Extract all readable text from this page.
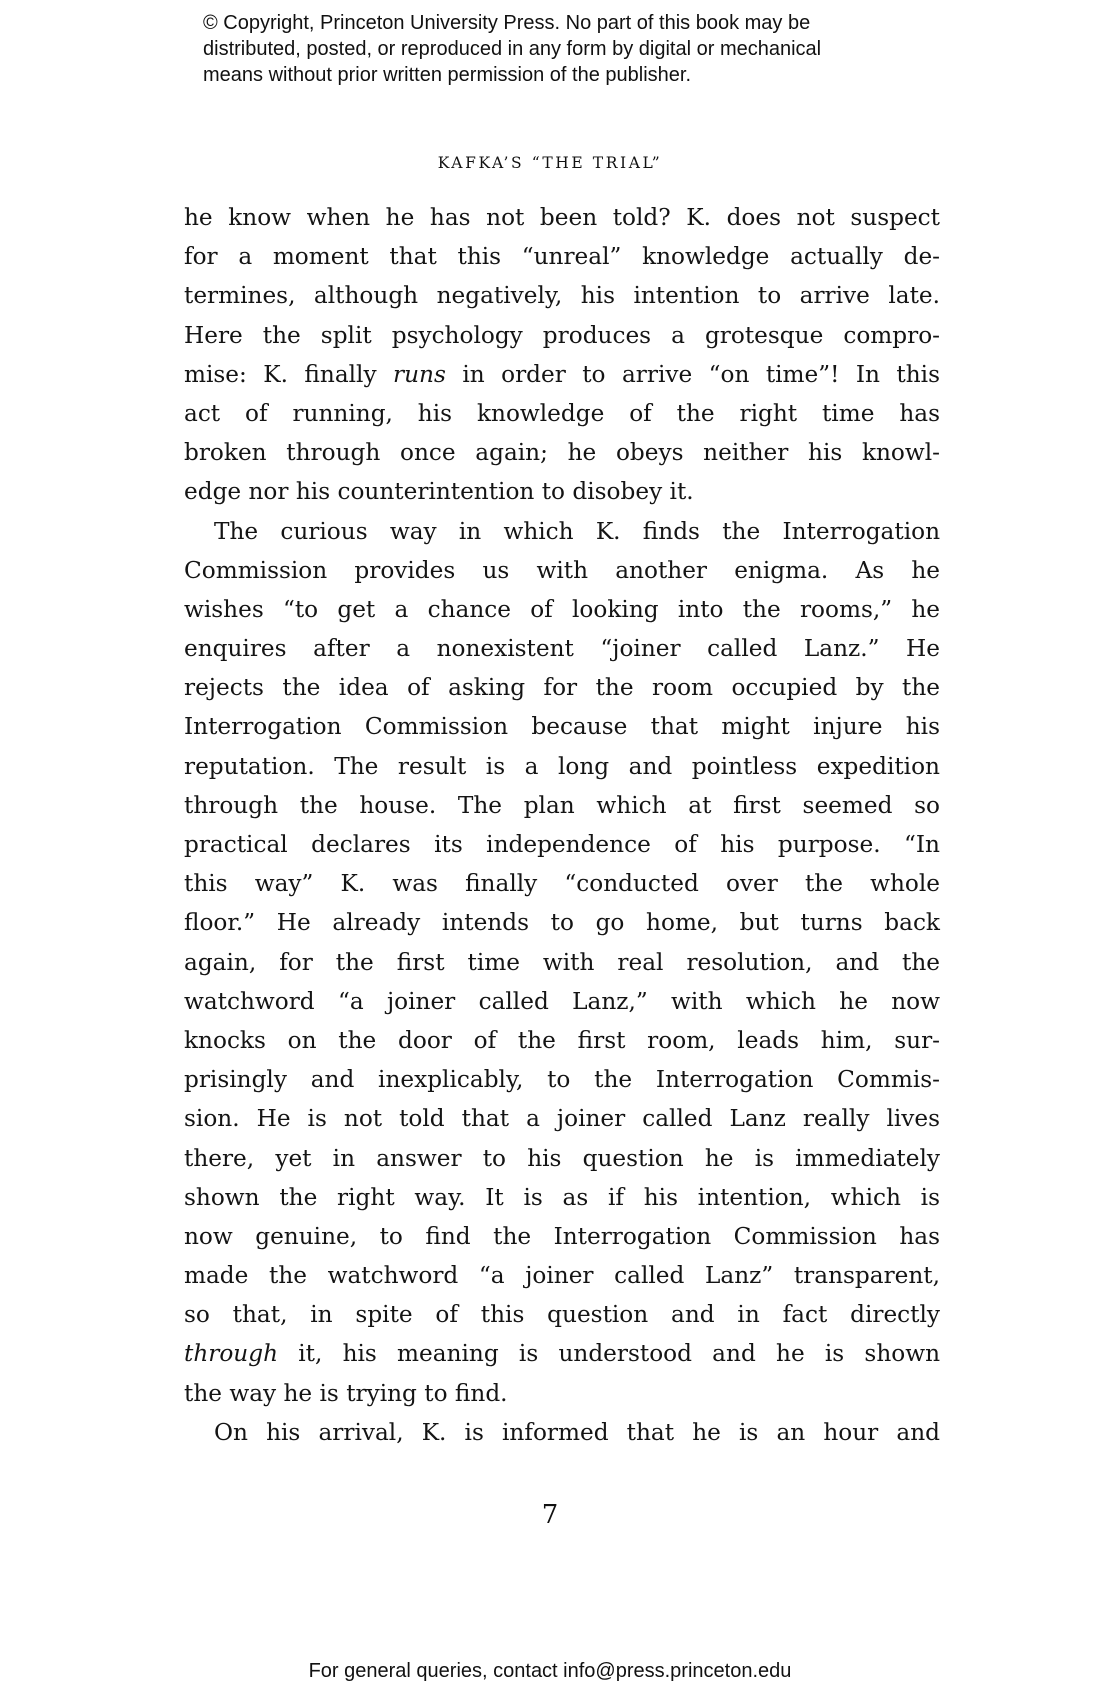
© Copyright, Princeton University Press. No part of this book may be
distributed, posted, or reproduced in any form by digital or mechanical
means without prior written permission of the publisher.
KAFKA’S “THE TRIAL”
he know when he has not been told? K. does not suspect
for a moment that this “unreal” knowledge actually de-
termines, although negatively, his intention to arrive late.
Here the split psychology produces a grotesque compro-
mise: K. finally runs in order to arrive “on time”! In this
act of running, his knowledge of the right time has
broken through once again; he obeys neither his knowl-
edge nor his counterintention to disobey it.
The curious way in which K. finds the Interrogation
Commission provides us with another enigma. As he
wishes “to get a chance of looking into the rooms,” he
enquires after a nonexistent “joiner called Lanz.” He
rejects the idea of asking for the room occupied by the
Interrogation Commission because that might injure his
reputation. The result is a long and pointless expedition
through the house. The plan which at first seemed so
practical declares its independence of his purpose. “In
this way” K. was finally “conducted over the whole
floor.” He already intends to go home, but turns back
again, for the first time with real resolution, and the
watchword “a joiner called Lanz,” with which he now
knocks on the door of the first room, leads him, sur-
prisingly and inexplicably, to the Interrogation Commis-
sion. He is not told that a joiner called Lanz really lives
there, yet in answer to his question he is immediately
shown the right way. It is as if his intention, which is
now genuine, to find the Interrogation Commission has
made the watchword “a joiner called Lanz” transparent,
so that, in spite of this question and in fact directly
through it, his meaning is understood and he is shown
the way he is trying to find.
On his arrival, K. is informed that he is an hour and
7
For general queries, contact info@press.princeton.edu
